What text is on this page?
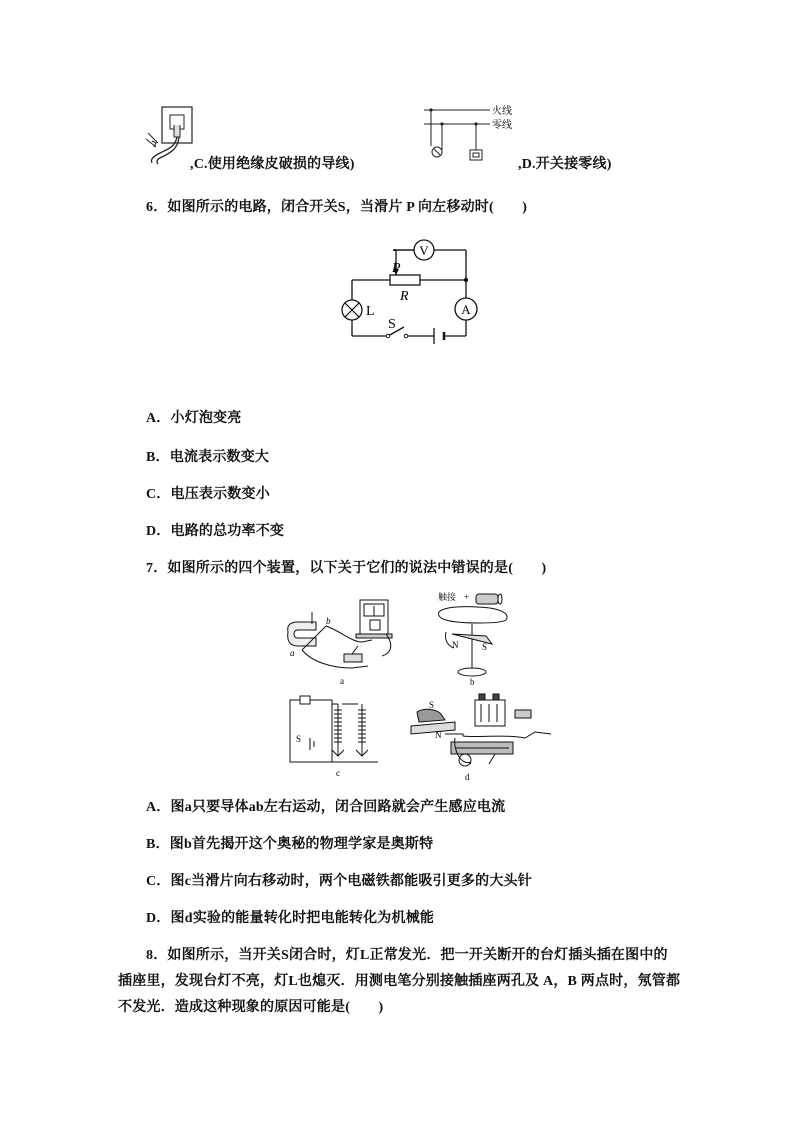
,C.使用绝缘皮破损的导线)
火线
零线
,D.开关接零线)
6．如图所示的电路，闭合开关S，当滑片 P 向左移动时(　　)
V
A
P
R
L
S
A．小灯泡变亮
B．电流表示数变大
C．电压表示数变小
D．电路的总功率不变
7．如图所示的四个装置，以下关于它们的说法中错误的是(　　)
b
a
a
触接 +
N	S
b
S
c
S
N
d
A．图a只要导体ab左右运动，闭合回路就会产生感应电流
B．图b首先揭开这个奥秘的物理学家是奥斯特
C．图c当滑片向右移动时，两个电磁铁都能吸引更多的大头针
D．图d实验的能量转化时把电能转化为机械能
8．如图所示，当开关S闭合时，灯L正常发光．把一开关断开的台灯插头插在图中的
插座里，发现台灯不亮，灯L也熄灭．用测电笔分别接触插座两孔及 A，B 两点时，氖管都
不发光．造成这种现象的原因可能是(　　)
